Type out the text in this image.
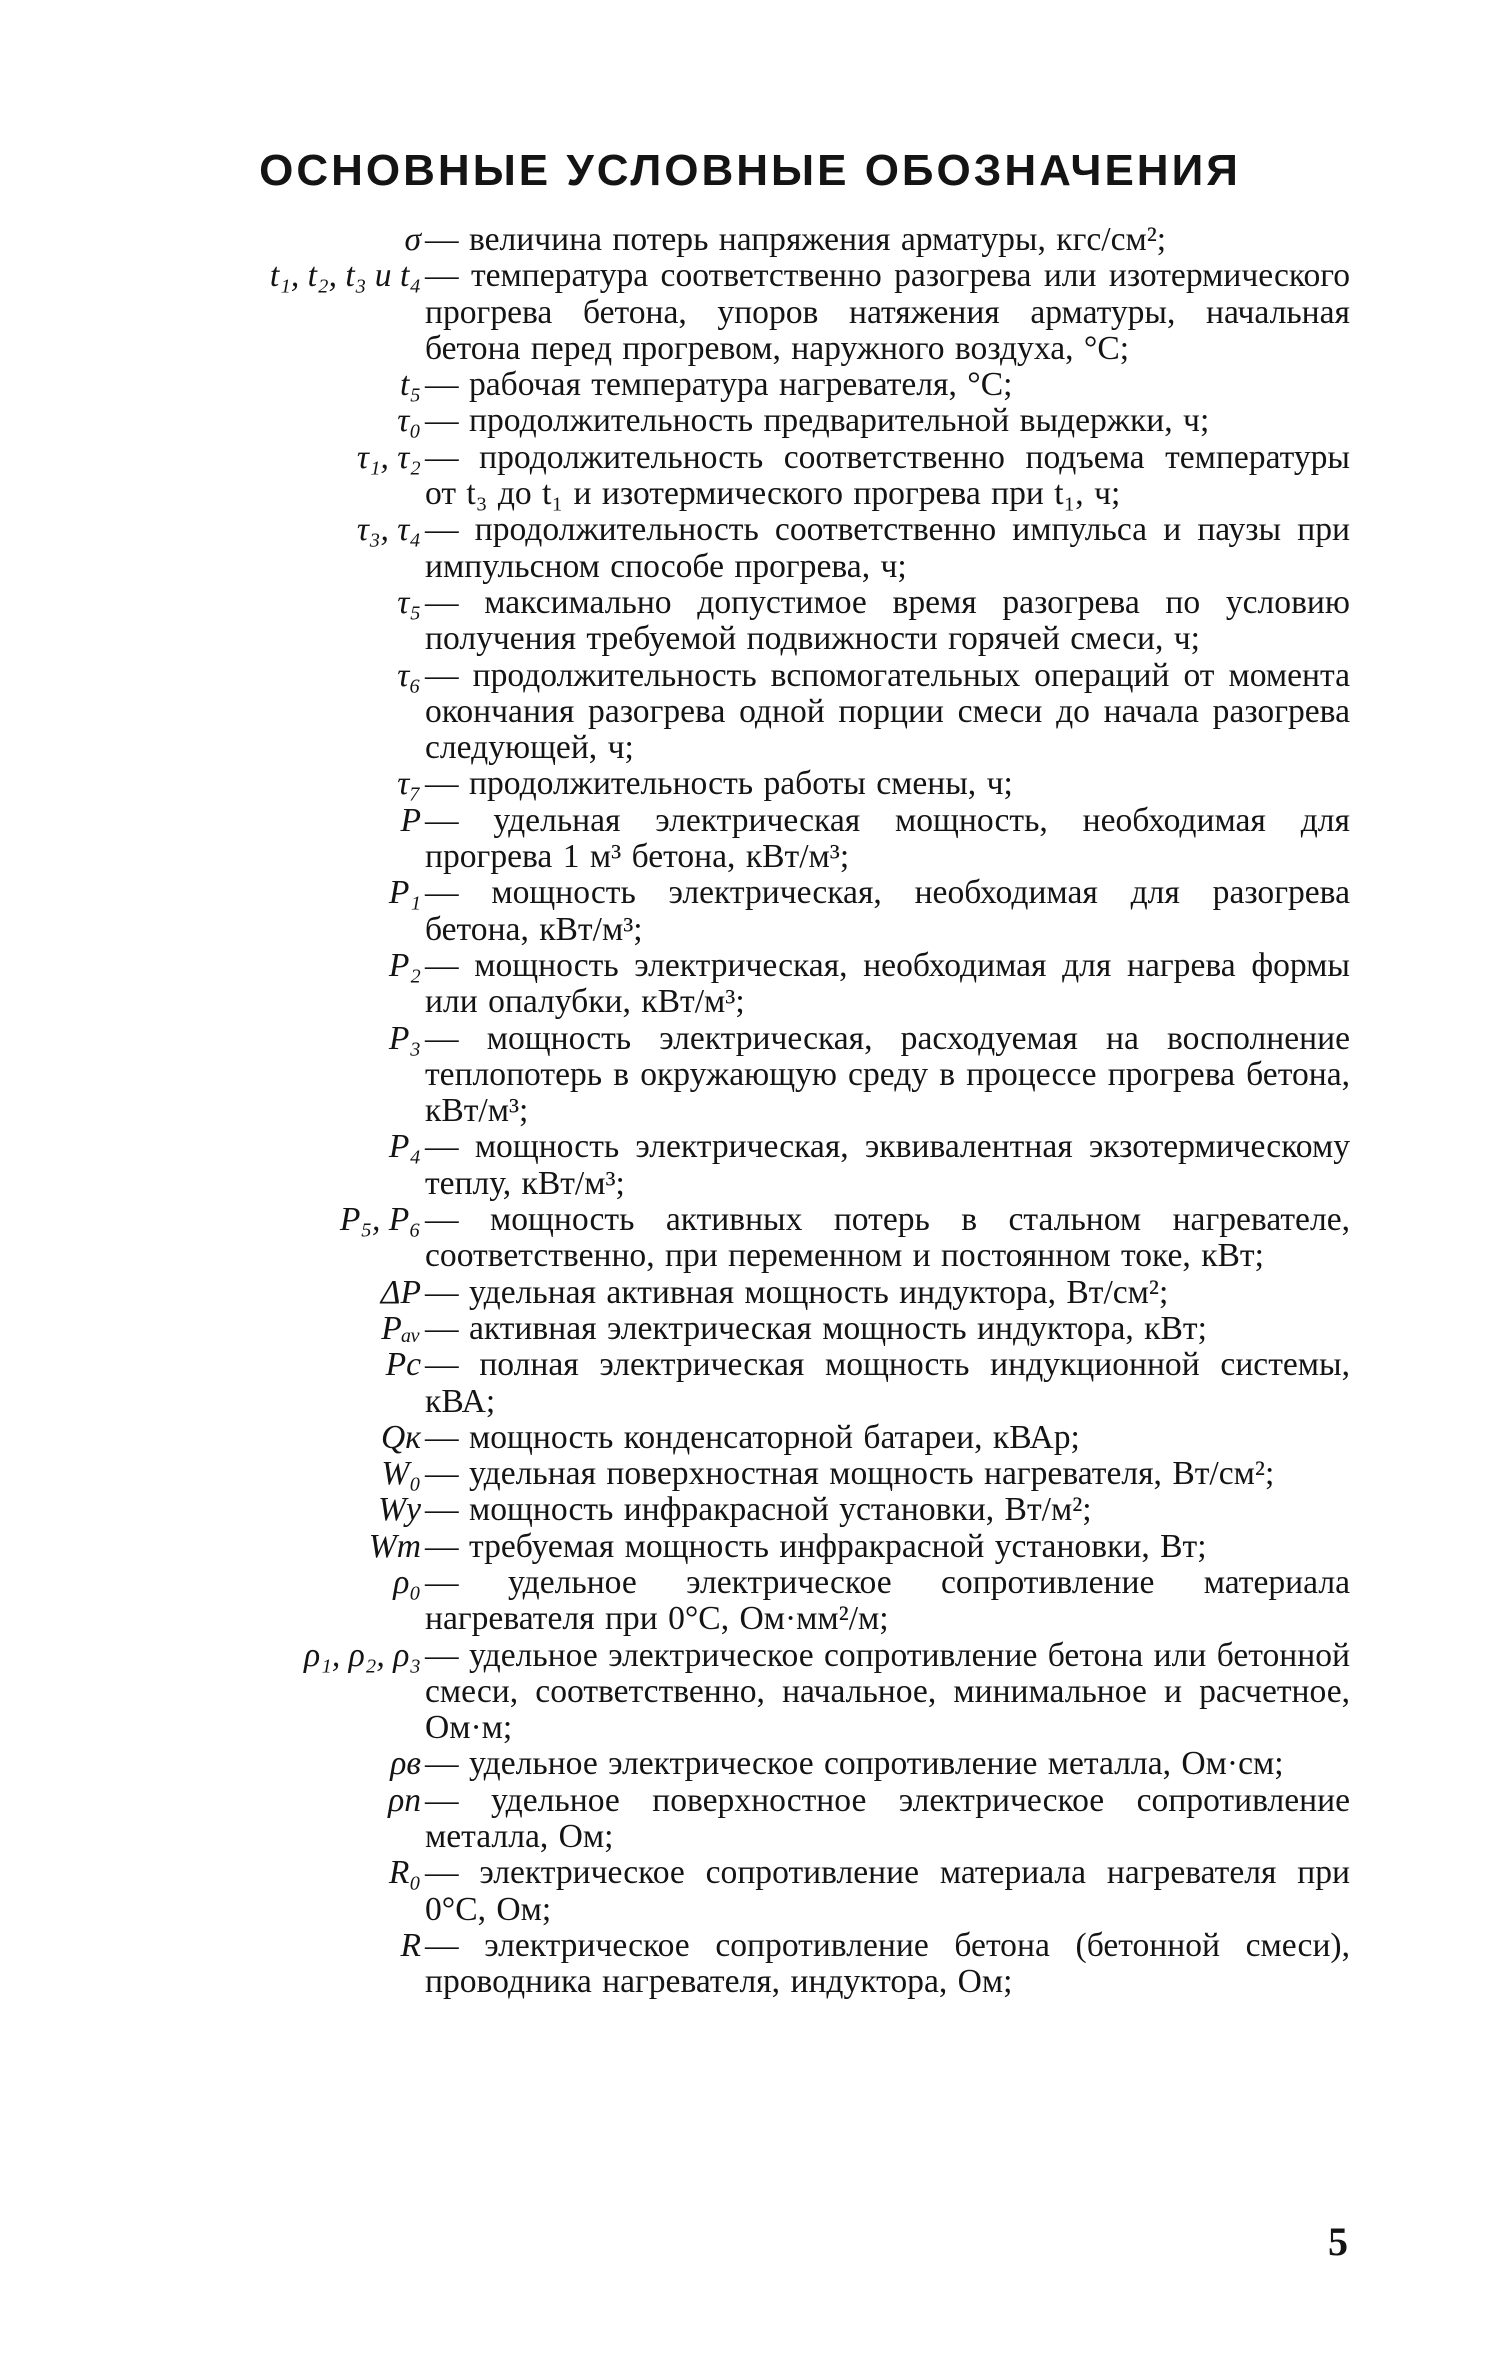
ОСНОВНЫЕ УСЛОВНЫЕ ОБОЗНАЧЕНИЯ
σ — величина потерь напряжения арматуры, кгс/см²;
t₁, t₂, t₃ и t₄ — температура соответственно разогрева или изотермического прогрева бетона, упоров натяжения арматуры, начальная бетона перед прогревом, наружного воздуха, °С;
t₅ — рабочая температура нагревателя, °С;
τ₀ — продолжительность предварительной выдержки, ч;
τ₁, τ₂ — продолжительность соответственно подъема температуры от t₃ до t₁ и изотермического прогрева при t₁, ч;
τ₃, τ₄ — продолжительность соответственно импульса и паузы при импульсном способе прогрева, ч;
τ₅ — максимально допустимое время разогрева по условию получения требуемой подвижности горячей смеси, ч;
τ₆ — продолжительность вспомогательных операций от момента окончания разогрева одной порции смеси до начала разогрева следующей, ч;
τ₇ — продолжительность работы смены, ч;
P — удельная электрическая мощность, необходимая для прогрева 1 м³ бетона, кВт/м³;
P₁ — мощность электрическая, необходимая для разогрева бетона, кВт/м³;
P₂ — мощность электрическая, необходимая для нагрева формы или опалубки, кВт/м³;
P₃ — мощность электрическая, расходуемая на восполнение теплопотерь в окружающую среду в процессе прогрева бетона, кВт/м³;
P₄ — мощность электрическая, эквивалентная экзотермическому теплу, кВт/м³;
P₅, P₆ — мощность активных потерь в стальном нагревателе, соответственно, при переменном и постоянном токе, кВт;
ΔP — удельная активная мощность индуктора, Вт/см²;
Pₐᵥ — активная электрическая мощность индуктора, кВт;
Pс — полная электрическая мощность индукционной системы, кВА;
Qк — мощность конденсаторной батареи, кВАр;
W₀ — удельная поверхностная мощность нагревателя, Вт/см²;
Wу — мощность инфракрасной установки, Вт/м²;
Wт — требуемая мощность инфракрасной установки, Вт;
ρ₀ — удельное электрическое сопротивление материала нагревателя при 0°С, Ом·мм²/м;
ρ₁, ρ₂, ρ₃ — удельное электрическое сопротивление бетона или бетонной смеси, соответственно, начальное, минимальное и расчетное, Ом·м;
ρв — удельное электрическое сопротивление металла, Ом·см;
ρп — удельное поверхностное электрическое сопротивление металла, Ом;
R₀ — электрическое сопротивление материала нагревателя при 0°С, Ом;
R — электрическое сопротивление бетона (бетонной смеси), проводника нагревателя, индуктора, Ом;
5
